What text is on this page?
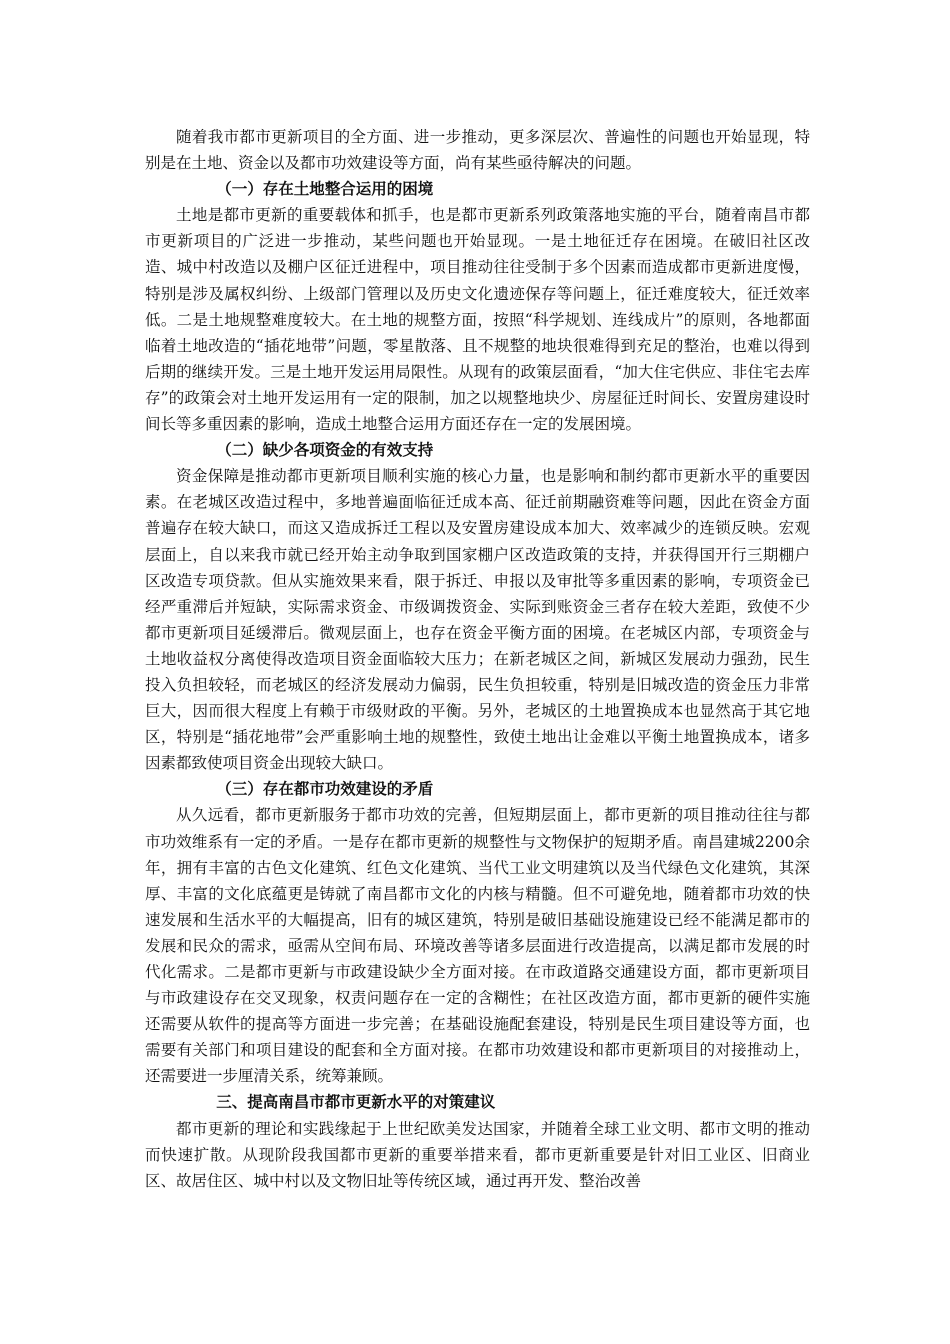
随着我市都市更新项目的全方面、进一步推动，更多深层次、普遍性的问题也开始显现，特别是在土地、资金以及都市功效建设等方面，尚有某些亟待解决的问题。

（一）存在土地整合运用的困境

土地是都市更新的重要载体和抓手，也是都市更新系列政策落地实施的平台，随着南昌市都市更新项目的广泛进一步推动，某些问题也开始显现。一是土地征迁存在困境。在破旧社区改造、城中村改造以及棚户区征迁进程中，项目推动往往受制于多个因素而造成都市更新进度慢，特别是涉及属权纠纷、上级部门管理以及历史文化遗迹保存等问题上，征迁难度较大，征迁效率低。二是土地规整难度较大。在土地的规整方面，按照“科学规划、连线成片”的原则，各地都面临着土地改造的“插花地带”问题，零星散落、且不规整的地块很难得到充足的整治，也难以得到后期的继续开发。三是土地开发运用局限性。从现有的政策层面看，“加大住宅供应、非住宅去库存”的政策会对土地开发运用有一定的限制，加之以规整地块少、房屋征迁时间长、安置房建设时间长等多重因素的影响，造成土地整合运用方面还存在一定的发展困境。

（二）缺少各项资金的有效支持

资金保障是推动都市更新项目顺利实施的核心力量，也是影响和制约都市更新水平的重要因素。在老城区改造过程中，多地普遍面临征迁成本高、征迁前期融资难等问题，因此在资金方面普遍存在较大缺口，而这又造成拆迁工程以及安置房建设成本加大、效率减少的连锁反映。宏观层面上，自以来我市就已经开始主动争取到国家棚户区改造政策的支持，并获得国开行三期棚户区改造专项贷款。但从实施效果来看，限于拆迁、申报以及审批等多重因素的影响，专项资金已经严重滞后并短缺，实际需求资金、市级调拨资金、实际到账资金三者存在较大差距，致使不少都市更新项目延缓滞后。微观层面上，也存在资金平衡方面的困境。在老城区内部，专项资金与土地收益权分离使得改造项目资金面临较大压力；在新老城区之间，新城区发展动力强劲，民生投入负担较轻，而老城区的经济发展动力偏弱，民生负担较重，特别是旧城改造的资金压力非常巨大，因而很大程度上有赖于市级财政的平衡。另外，老城区的土地置换成本也显然高于其它地区，特别是“插花地带”会严重影响土地的规整性，致使土地出让金难以平衡土地置换成本，诸多因素都致使项目资金出现较大缺口。

（三）存在都市功效建设的矛盾

从久远看，都市更新服务于都市功效的完善，但短期层面上，都市更新的项目推动往往与都市功效维系有一定的矛盾。一是存在都市更新的规整性与文物保护的短期矛盾。南昌建城2200余年，拥有丰富的古色文化建筑、红色文化建筑、当代工业文明建筑以及当代绿色文化建筑，其深厚、丰富的文化底蕴更是铸就了南昌都市文化的内核与精髓。但不可避免地，随着都市功效的快速发展和生活水平的大幅提高，旧有的城区建筑，特别是破旧基础设施建设已经不能满足都市的发展和民众的需求，亟需从空间布局、环境改善等诸多层面进行改造提高，以满足都市发展的时代化需求。二是都市更新与市政建设缺少全方面对接。在市政道路交通建设方面，都市更新项目与市政建设存在交叉现象，权责问题存在一定的含糊性；在社区改造方面，都市更新的硬件实施还需要从软件的提高等方面进一步完善；在基础设施配套建设，特别是民生项目建设等方面，也需要有关部门和项目建设的配套和全方面对接。在都市功效建设和都市更新项目的对接推动上，还需要进一步厘清关系，统筹兼顾。

三、提高南昌市都市更新水平的对策建议

都市更新的理论和实践缘起于上世纪欧美发达国家，并随着全球工业文明、都市文明的推动而快速扩散。从现阶段我国都市更新的重要举措来看，都市更新重要是针对旧工业区、旧商业区、故居住区、城中村以及文物旧址等传统区域，通过再开发、整治改善
